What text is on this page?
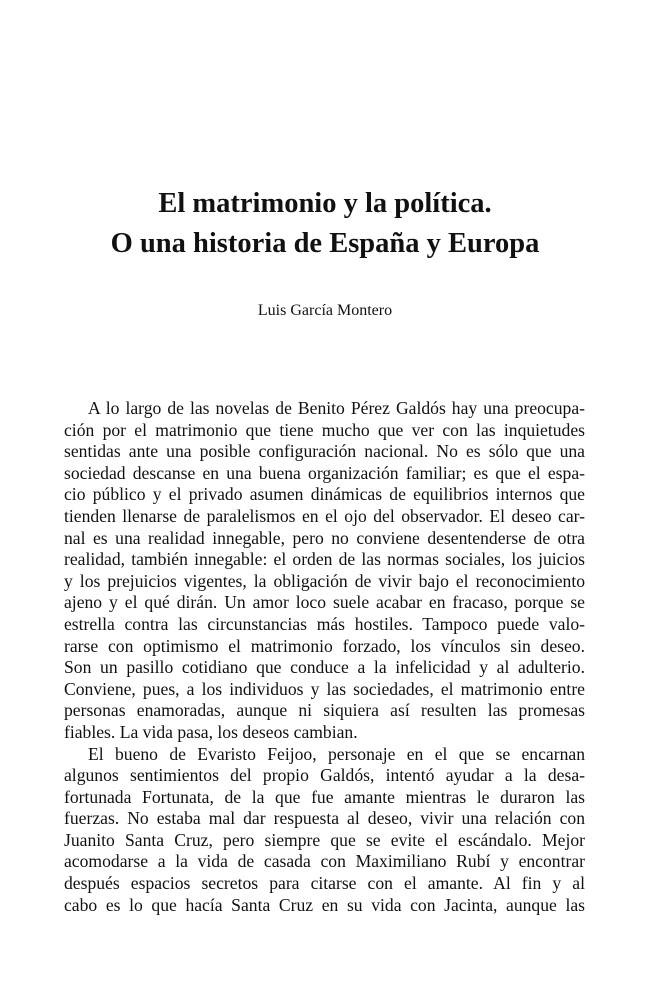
El matrimonio y la política.
O una historia de España y Europa
Luis García Montero
A lo largo de las novelas de Benito Pérez Galdós hay una preocupa-
ción por el matrimonio que tiene mucho que ver con las inquietudes
sentidas ante una posible configuración nacional. No es sólo que una
sociedad descanse en una buena organización familiar; es que el espa-
cio público y el privado asumen dinámicas de equilibrios internos que
tienden llenarse de paralelismos en el ojo del observador. El deseo car-
nal es una realidad innegable, pero no conviene desentenderse de otra
realidad, también innegable: el orden de las normas sociales, los juicios
y los prejuicios vigentes, la obligación de vivir bajo el reconocimiento
ajeno y el qué dirán. Un amor loco suele acabar en fracaso, porque se
estrella contra las circunstancias más hostiles. Tampoco puede valo-
rarse con optimismo el matrimonio forzado, los vínculos sin deseo.
Son un pasillo cotidiano que conduce a la infelicidad y al adulterio.
Conviene, pues, a los individuos y las sociedades, el matrimonio entre
personas enamoradas, aunque ni siquiera así resulten las promesas
fiables. La vida pasa, los deseos cambian.
El bueno de Evaristo Feijoo, personaje en el que se encarnan
algunos sentimientos del propio Galdós, intentó ayudar a la desa-
fortunada Fortunata, de la que fue amante mientras le duraron las
fuerzas. No estaba mal dar respuesta al deseo, vivir una relación con
Juanito Santa Cruz, pero siempre que se evite el escándalo. Mejor
acomodarse a la vida de casada con Maximiliano Rubí y encontrar
después espacios secretos para citarse con el amante. Al fin y al
cabo es lo que hacía Santa Cruz en su vida con Jacinta, aunque las
